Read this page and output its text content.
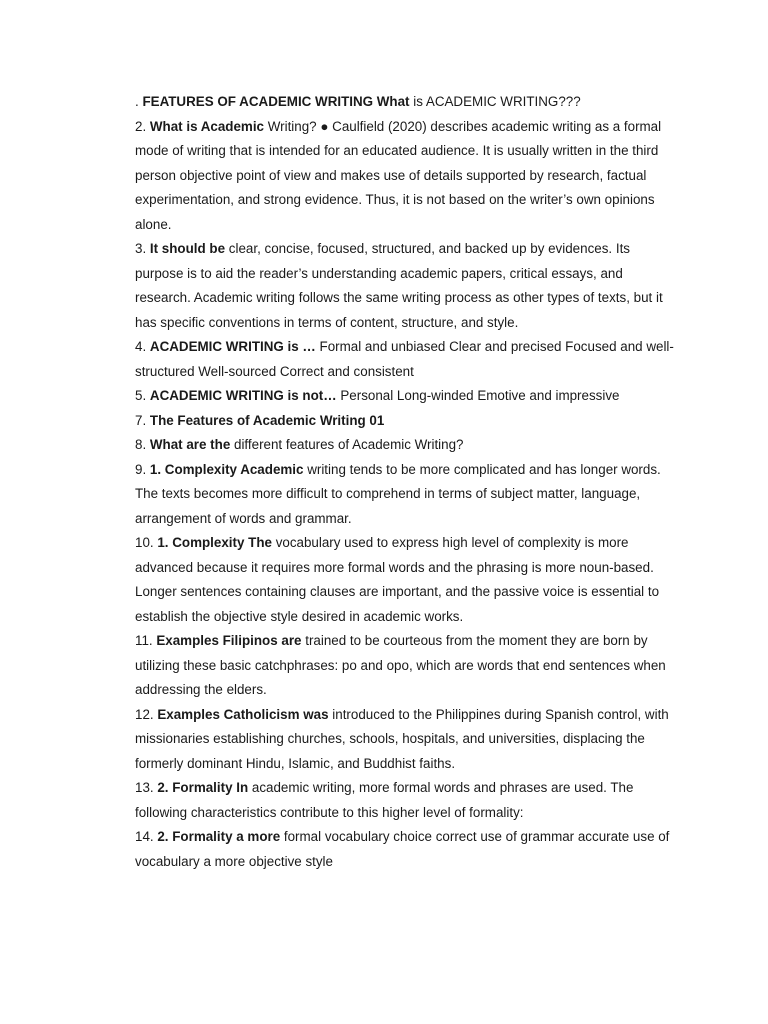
. FEATURES OF ACADEMIC WRITING What is ACADEMIC WRITING???

2. What is Academic Writing? ● Caulfield (2020) describes academic writing as a formal mode of writing that is intended for an educated audience. It is usually written in the third person objective point of view and makes use of details supported by research, factual experimentation, and strong evidence. Thus, it is not based on the writer’s own opinions alone.

3. It should be clear, concise, focused, structured, and backed up by evidences. Its purpose is to aid the reader’s understanding academic papers, critical essays, and research. Academic writing follows the same writing process as other types of texts, but it has specific conventions in terms of content, structure, and style.

4. ACADEMIC WRITING is … Formal and unbiased Clear and precised Focused and well-structured Well-sourced Correct and consistent

5. ACADEMIC WRITING is not… Personal Long-winded Emotive and impressive

7. The Features of Academic Writing 01

8. What are the different features of Academic Writing?

9. 1. Complexity Academic writing tends to be more complicated and has longer words. The texts becomes more difficult to comprehend in terms of subject matter, language, arrangement of words and grammar.

10. 1. Complexity The vocabulary used to express high level of complexity is more advanced because it requires more formal words and the phrasing is more noun-based. Longer sentences containing clauses are important, and the passive voice is essential to establish the objective style desired in academic works.

11. Examples Filipinos are trained to be courteous from the moment they are born by utilizing these basic catchphrases: po and opo, which are words that end sentences when addressing the elders.

12. Examples Catholicism was introduced to the Philippines during Spanish control, with missionaries establishing churches, schools, hospitals, and universities, displacing the formerly dominant Hindu, Islamic, and Buddhist faiths.

13. 2. Formality In academic writing, more formal words and phrases are used. The following characteristics contribute to this higher level of formality:

14. 2. Formality a more formal vocabulary choice correct use of grammar accurate use of vocabulary a more objective style
